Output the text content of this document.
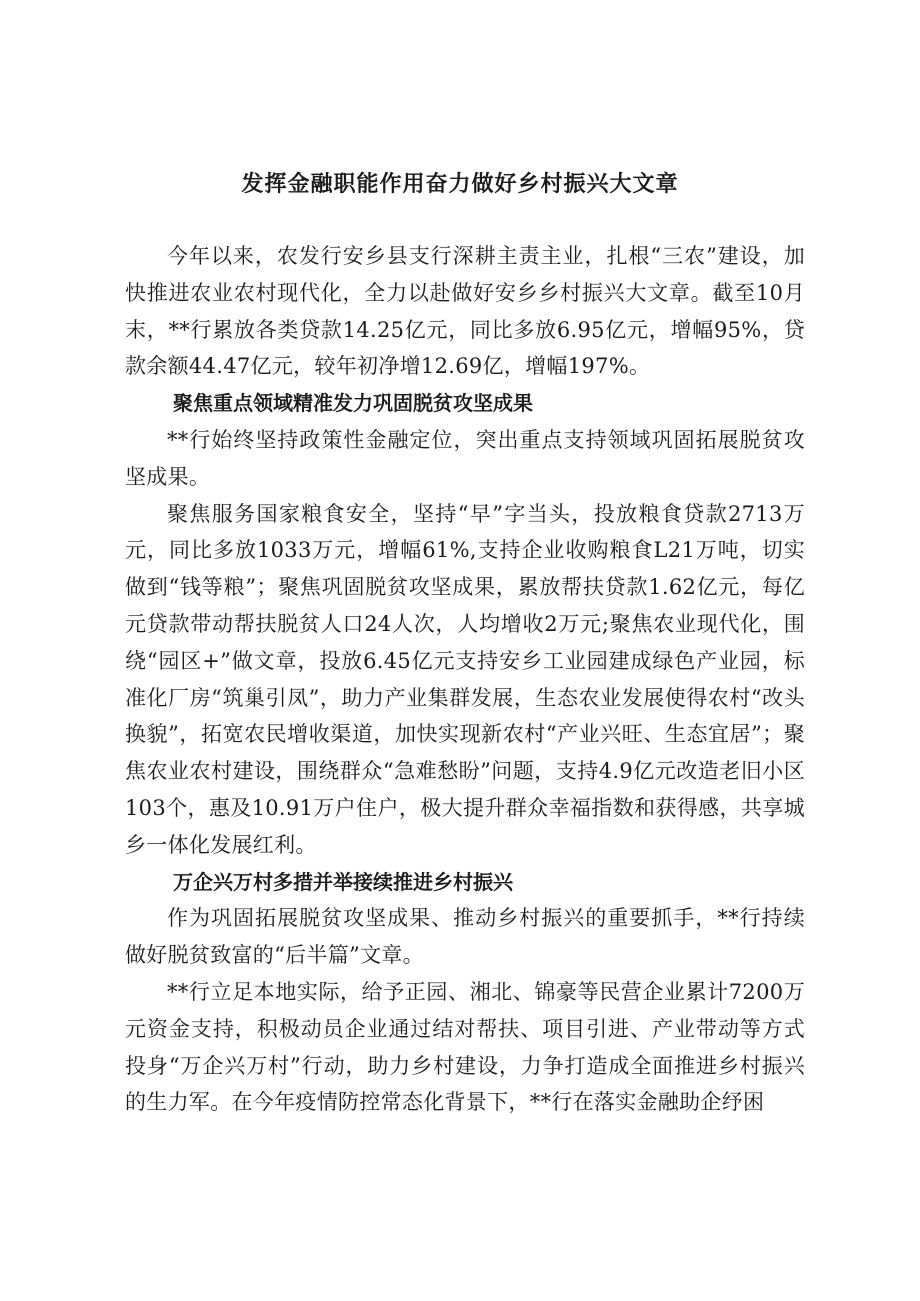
发挥金融职能作用奋力做好乡村振兴大文章

今年以来，农发行安乡县支行深耕主责主业，扎根“三农”建设，加快推进农业农村现代化，全力以赴做好安乡乡村振兴大文章。截至10月末，**行累放各类贷款14.25亿元，同比多放6.95亿元，增幅95%，贷款余额44.47亿元，较年初净增12.69亿，增幅197%。

聚焦重点领域精准发力巩固脱贫攻坚成果

**行始终坚持政策性金融定位，突出重点支持领域巩固拓展脱贫攻坚成果。

聚焦服务国家粮食安全，坚持“早”字当头，投放粮食贷款2713万元，同比多放1033万元，增幅61%,支持企业收购粮食L21万吨，切实做到“钱等粮”；聚焦巩固脱贫攻坚成果，累放帮扶贷款1.62亿元，每亿元贷款带动帮扶脱贫人口24人次，人均增收2万元;聚焦农业现代化，围绕“园区+”做文章，投放6.45亿元支持安乡工业园建成绿色产业园，标准化厂房“筑巢引凤”，助力产业集群发展，生态农业发展使得农村“改头换貌”，拓宽农民增收渠道，加快实现新农村“产业兴旺、生态宜居”；聚焦农业农村建设，围绕群众“急难愁盼”问题，支持4.9亿元改造老旧小区103个，惠及10.91万户住户，极大提升群众幸福指数和获得感，共享城乡一体化发展红利。

万企兴万村多措并举接续推进乡村振兴

作为巩固拓展脱贫攻坚成果、推动乡村振兴的重要抓手，**行持续做好脱贫致富的“后半篇”文章。

**行立足本地实际，给予正园、湘北、锦豪等民营企业累计7200万元资金支持，积极动员企业通过结对帮扶、项目引进、产业带动等方式投身“万企兴万村”行动，助力乡村建设，力争打造成全面推进乡村振兴的生力军。在今年疫情防控常态化背景下，**行在落实金融助企纾困
